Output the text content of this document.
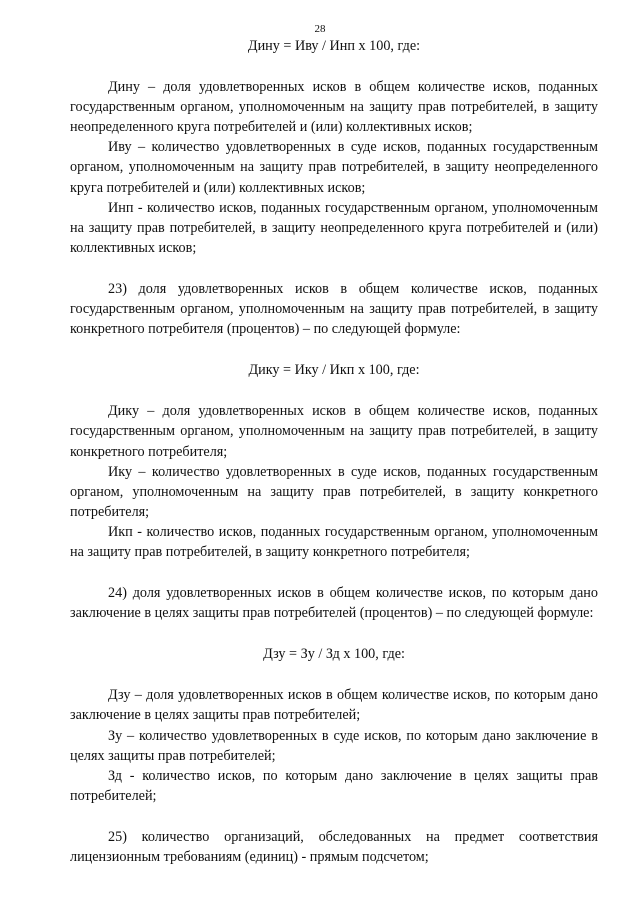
28
Дину = Иву / Инп х 100, где:

Дину – доля удовлетворенных исков в общем количестве исков, поданных государственным органом, уполномоченным на защиту прав потребителей, в защиту неопределенного круга потребителей и (или) коллективных исков;

Иву – количество удовлетворенных в суде исков, поданных государственным органом, уполномоченным на защиту прав потребителей, в защиту неопределенного круга потребителей и (или) коллективных исков;

Инп - количество исков, поданных государственным органом, уполномоченным на защиту прав потребителей, в защиту неопределенного круга потребителей и (или) коллективных исков;

23) доля удовлетворенных исков в общем количестве исков, поданных государственным органом, уполномоченным на защиту прав потребителей, в защиту конкретного потребителя (процентов) – по следующей формуле:

Дику = Ику / Икп х 100, где:

Дику – доля удовлетворенных исков в общем количестве исков, поданных государственным органом, уполномоченным на защиту прав потребителей, в защиту конкретного потребителя;

Ику – количество удовлетворенных в суде исков, поданных государственным органом, уполномоченным на защиту прав потребителей, в защиту конкретного потребителя;

Икп - количество исков, поданных государственным органом, уполномоченным на защиту прав потребителей, в защиту конкретного потребителя;

24) доля удовлетворенных исков в общем количестве исков, по которым дано заключение в целях защиты прав потребителей (процентов) – по следующей формуле:

Дзу = Зу / Зд х 100, где:

Дзу – доля удовлетворенных исков в общем количестве исков, по которым дано заключение в целях защиты прав потребителей;

Зу – количество удовлетворенных в суде исков, по которым дано заключение в целях защиты прав потребителей;

Зд - количество исков, по которым дано заключение в целях защиты прав потребителей;

25) количество организаций, обследованных на предмет соответствия лицензионным требованиям (единиц) - прямым подсчетом;
